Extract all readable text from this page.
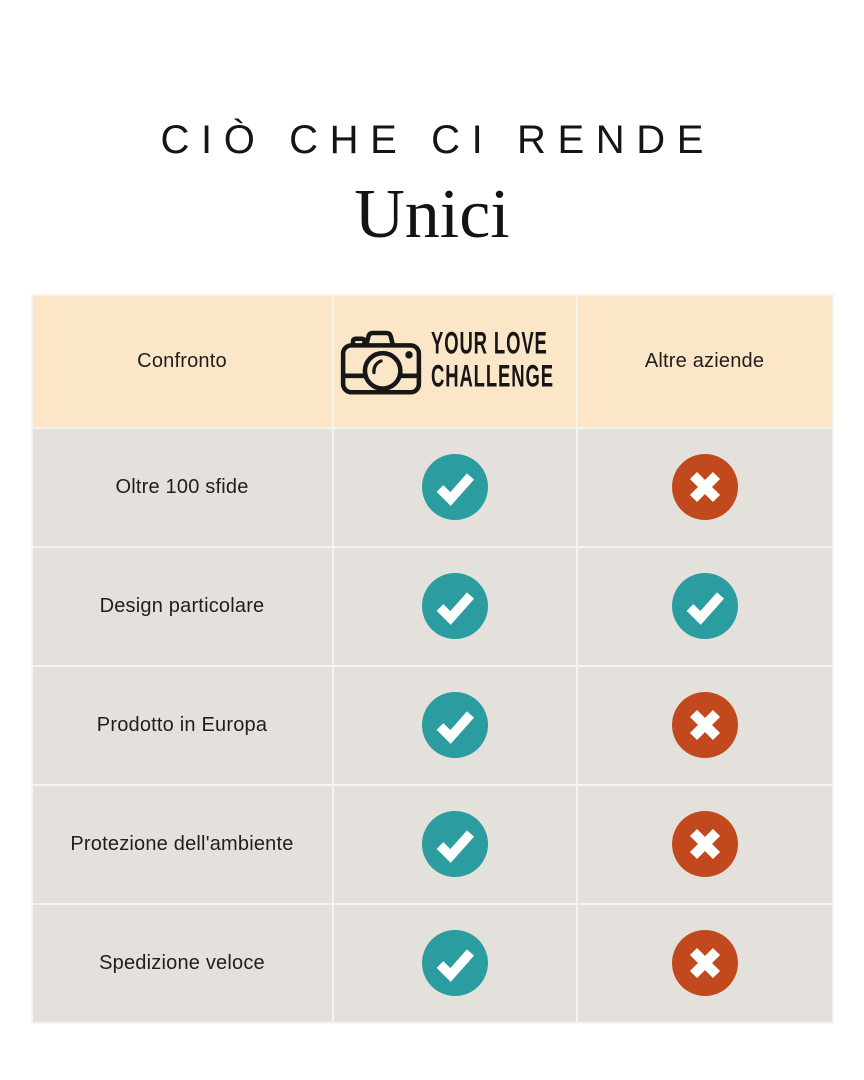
CIÒ CHE CI RENDE
Unici
Confronto	YOUR LOVE
CHALLENGE	Altre aziende
Oltre 100 sfide
Design particolare
Prodotto in Europa
Protezione dell'ambiente
Spedizione veloce
